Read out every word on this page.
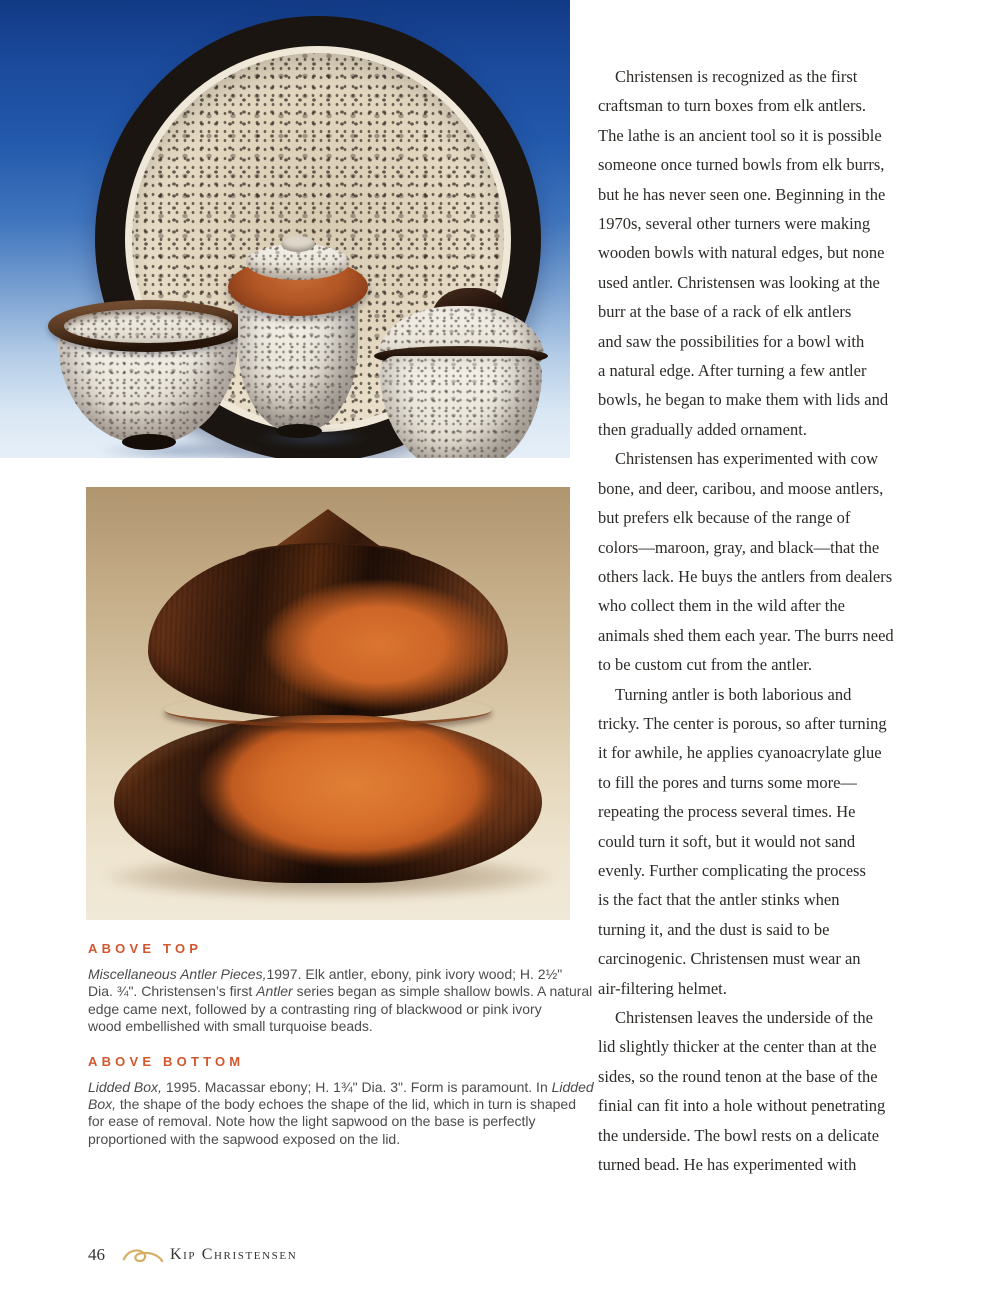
ABOVE TOP
Miscellaneous Antler Pieces,1997. Elk antler, ebony, pink ivory wood; H. 2½"
Dia. ¾". Christensen’s first Antler series began as simple shallow bowls. A natural
edge came next, followed by a contrasting ring of blackwood or pink ivory
wood embellished with small turquoise beads.
ABOVE BOTTOM
Lidded Box, 1995. Macassar ebony; H. 1¾" Dia. 3". Form is paramount. In Lidded
Box, the shape of the body echoes the shape of the lid, which in turn is shaped
for ease of removal. Note how the light sapwood on the base is perfectly
proportioned with the sapwood exposed on the lid.
Christensen is recognized as the first
craftsman to turn boxes from elk antlers.
The lathe is an ancient tool so it is possible
someone once turned bowls from elk burrs,
but he has never seen one. Beginning in the
1970s, several other turners were making
wooden bowls with natural edges, but none
used antler. Christensen was looking at the
burr at the base of a rack of elk antlers
and saw the possibilities for a bowl with
a natural edge. After turning a few antler
bowls, he began to make them with lids and
then gradually added ornament.
Christensen has experimented with cow
bone, and deer, caribou, and moose antlers,
but prefers elk because of the range of
colors—maroon, gray, and black—that the
others lack. He buys the antlers from dealers
who collect them in the wild after the
animals shed them each year. The burrs need
to be custom cut from the antler.
Turning antler is both laborious and
tricky. The center is porous, so after turning
it for awhile, he applies cyanoacrylate glue
to fill the pores and turns some more—
repeating the process several times. He
could turn it soft, but it would not sand
evenly. Further complicating the process
is the fact that the antler stinks when
turning it, and the dust is said to be
carcinogenic. Christensen must wear an
air-filtering helmet.
Christensen leaves the underside of the
lid slightly thicker at the center than at the
sides, so the round tenon at the base of the
finial can fit into a hole without penetrating
the underside. The bowl rests on a delicate
turned bead. He has experimented with
46	Kip Christensen
